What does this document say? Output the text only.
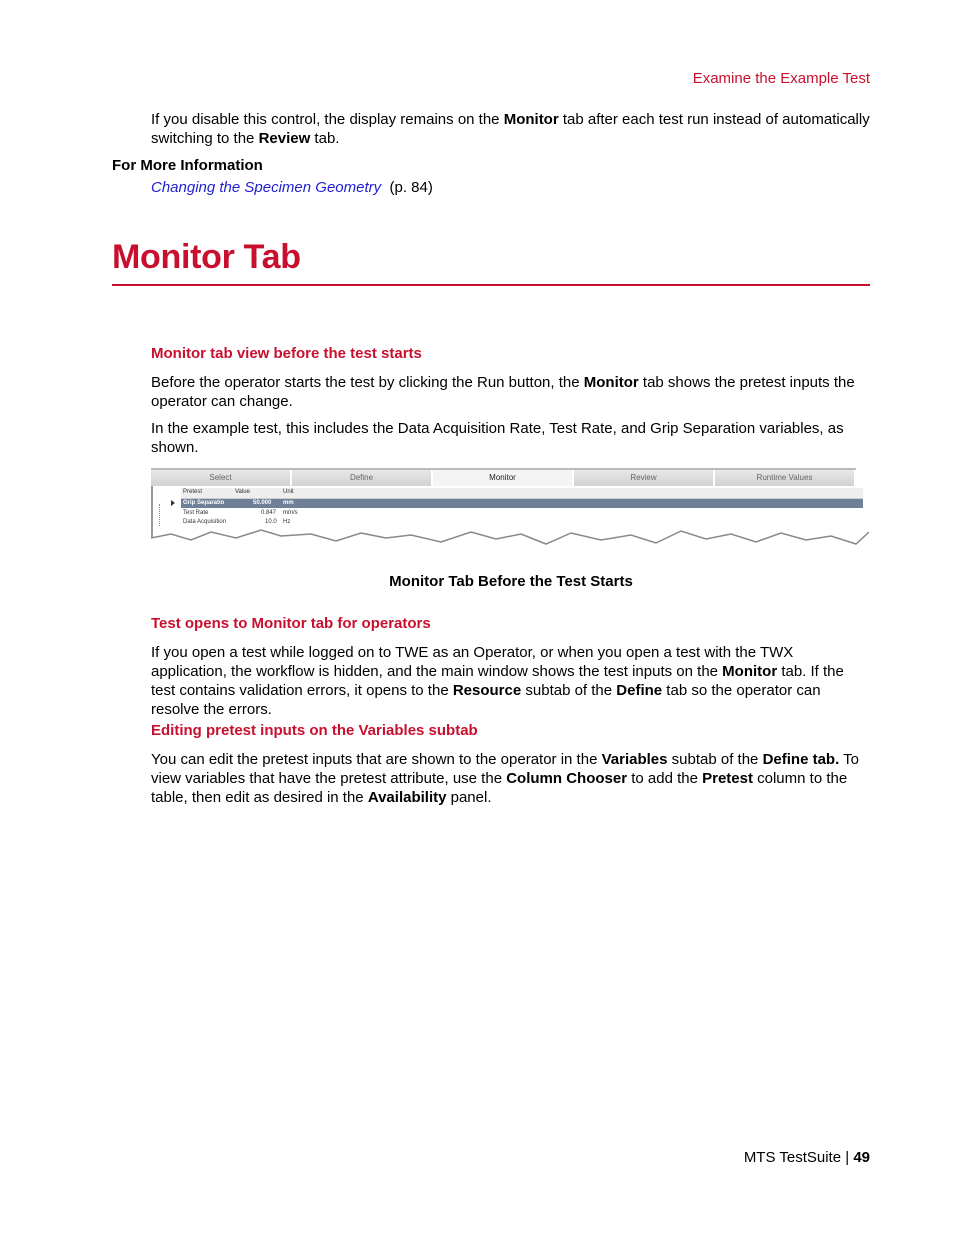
Examine the Example Test
If you disable this control, the display remains on the Monitor tab after each test run instead of automatically switching to the Review tab.
For More Information
Changing the Specimen Geometry (p. 84)
Monitor Tab
Monitor tab view before the test starts
Before the operator starts the test by clicking the Run button, the Monitor tab shows the pretest inputs the operator can change.
In the example test, this includes the Data Acquisition Rate, Test Rate, and Grip Separation variables, as shown.
Select	Define	Monitor	Review	Runtime Values
Pretest	Value	Unit
Grip Separatio	50.000 mm
Test Rate	0.847 mm/s
Data Acquisition	10.0 Hz
Monitor Tab Before the Test Starts
Test opens to Monitor tab for operators
If you open a test while logged on to TWE as an Operator, or when you open a test with the TWX application, the workflow is hidden, and the main window shows the test inputs on the Monitor tab. If the test contains validation errors, it opens to the Resource subtab of the Define tab so the operator can resolve the errors.
Editing pretest inputs on the Variables subtab
You can edit the pretest inputs that are shown to the operator in the Variables subtab of the Define tab. To view variables that have the pretest attribute, use the Column Chooser to add the Pretest column to the table, then edit as desired in the Availability panel.
MTS TestSuite | 49
